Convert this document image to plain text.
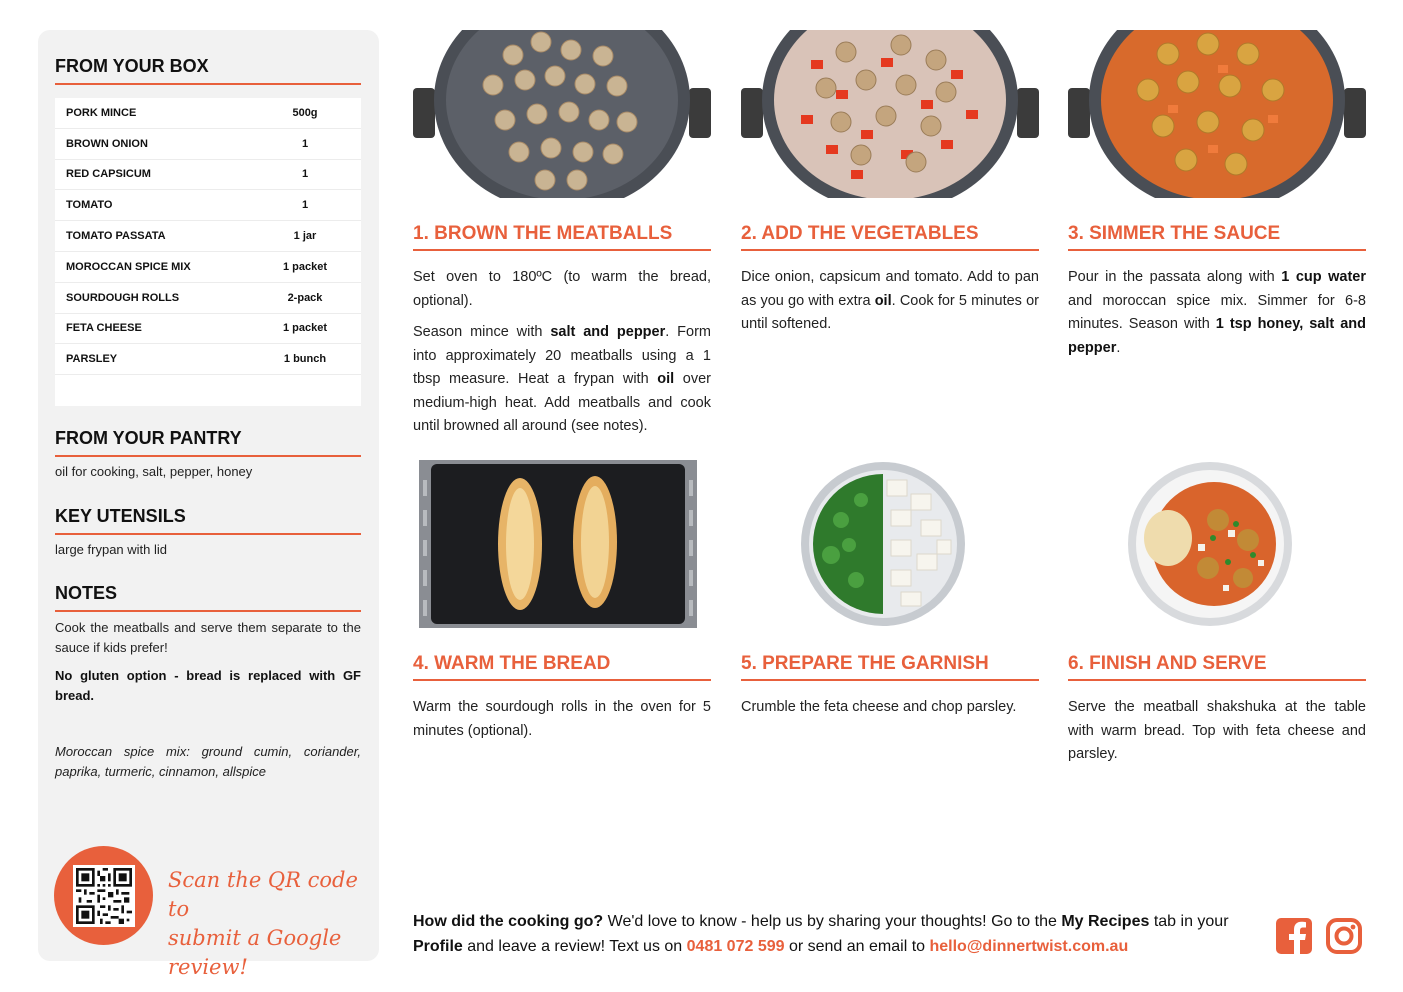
FROM YOUR BOX
PORK MINCE	500g
BROWN ONION	1
RED CAPSICUM	1
TOMATO	1
TOMATO PASSATA	1 jar
MOROCCAN SPICE MIX	1 packet
SOURDOUGH ROLLS	2-pack
FETA CHEESE	1 packet
PARSLEY	1 bunch
FROM YOUR PANTRY
oil for cooking, salt, pepper, honey
KEY UTENSILS
large frypan with lid
NOTES
Cook the meatballs and serve them separate to the sauce if kids prefer!
No gluten option - bread is replaced with GF bread.
Moroccan spice mix: ground cumin, coriander, paprika, turmeric, cinnamon, allspice
Scan the QR code to
submit a Google review!
1. BROWN THE MEATBALLS	2. ADD THE VEGETABLES	3. SIMMER THE SAUCE
4. WARM THE BREAD	5. PREPARE THE GARNISH	6. FINISH AND SERVE

Set oven to 180ºC (to warm the bread, optional).

Season mince with salt and pepper. Form into approximately 20 meatballs using a 1 tbsp measure. Heat a frypan with oil over medium-high heat. Add meatballs and cook until browned all around (see notes).

Dice onion, capsicum and tomato. Add to pan as you go with extra oil. Cook for 5 minutes or until softened.

Pour in the passata along with 1 cup water and moroccan spice mix. Simmer for 6-8 minutes. Season with 1 tsp honey, salt and pepper.

Warm the sourdough rolls in the oven for 5 minutes (optional).

Crumble the feta cheese and chop parsley.	Serve the meatball shakshuka at the table with warm bread. Top with feta cheese and parsley.

How did the cooking go? We'd love to know - help us by sharing your thoughts! Go to the My Recipes tab in your Profile and leave a review! Text us on 0481 072 599 or send an email to hello@dinnertwist.com.au
